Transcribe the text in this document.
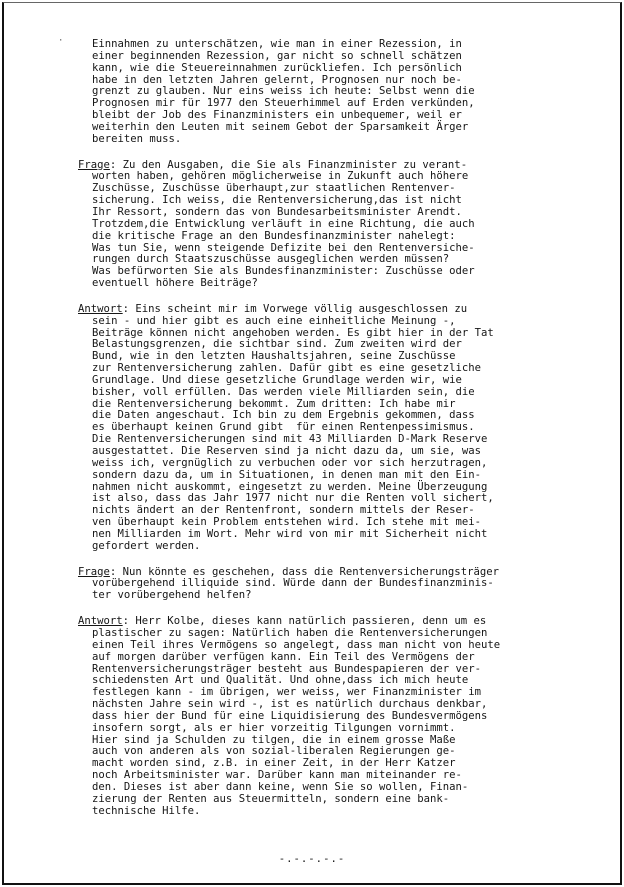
·	Einnahmen zu unterschätzen, wie man in einer Rezession, in
einer beginnenden Rezession, gar nicht so schnell schätzen
kann, wie die Steuereinnahmen zurückliefen. Ich persönlich
habe in den letzten Jahren gelernt, Prognosen nur noch be-
grenzt zu glauben. Nur eins weiss ich heute: Selbst wenn die
Prognosen mir für 1977 den Steuerhimmel auf Erden verkünden,
bleibt der Job des Finanzministers ein unbequemer, weil er
weiterhin den Leuten mit seinem Gebot der Sparsamkeit Ärger
bereiten muss.
Frage: Zu den Ausgaben, die Sie als Finanzminister zu verant-
worten haben, gehören möglicherweise in Zukunft auch höhere
Zuschüsse, Zuschüsse überhaupt,zur staatlichen Rentenver-
sicherung. Ich weiss, die Rentenversicherung,das ist nicht
Ihr Ressort, sondern das von Bundesarbeitsminister Arendt.
Trotzdem,die Entwicklung verläuft in eine Richtung, die auch
die kritische Frage an den Bundesfinanzminister nahelegt:
Was tun Sie, wenn steigende Defizite bei den Rentenversiche-
rungen durch Staatszuschüsse ausgeglichen werden müssen?
Was befürworten Sie als Bundesfinanzminister: Zuschüsse oder
eventuell höhere Beiträge?
Antwort: Eins scheint mir im Vorwege völlig ausgeschlossen zu
sein - und hier gibt es auch eine einheitliche Meinung -,
Beiträge können nicht angehoben werden. Es gibt hier in der Tat
Belastungsgrenzen, die sichtbar sind. Zum zweiten wird der
Bund, wie in den letzten Haushaltsjahren, seine Zuschüsse
zur Rentenversicherung zahlen. Dafür gibt es eine gesetzliche
Grundlage. Und diese gesetzliche Grundlage werden wir, wie
bisher, voll erfüllen. Das werden viele Milliarden sein, die
die Rentenversicherung bekommt. Zum dritten: Ich habe mir
die Daten angeschaut. Ich bin zu dem Ergebnis gekommen, dass
es überhaupt keinen Grund gibt  für einen Rentenpessimismus.
Die Rentenversicherungen sind mit 43 Milliarden D-Mark Reserve
ausgestattet. Die Reserven sind ja nicht dazu da, um sie, was
weiss ich, vergnüglich zu verbuchen oder vor sich herzutragen,
sondern dazu da, um in Situationen, in denen man mit den Ein-
nahmen nicht auskommt, eingesetzt zu werden. Meine Überzeugung
ist also, dass das Jahr 1977 nicht nur die Renten voll sichert,
nichts ändert an der Rentenfront, sondern mittels der Reser-
ven überhaupt kein Problem entstehen wird. Ich stehe mit mei-
nen Milliarden im Wort. Mehr wird von mir mit Sicherheit nicht
gefordert werden.
Frage: Nun könnte es geschehen, dass die Rentenversicherungsträger
vorübergehend illiquide sind. Würde dann der Bundesfinanzminis-
ter vorübergehend helfen?
Antwort: Herr Kolbe, dieses kann natürlich passieren, denn um es
plastischer zu sagen: Natürlich haben die Rentenversicherungen
einen Teil ihres Vermögens so angelegt, dass man nicht von heute
auf morgen darüber verfügen kann. Ein Teil des Vermögens der
Rentenversicherungsträger besteht aus Bundespapieren der ver-
schiedensten Art und Qualität. Und ohne,dass ich mich heute
festlegen kann - im übrigen, wer weiss, wer Finanzminister im
nächsten Jahre sein wird -, ist es natürlich durchaus denkbar,
dass hier der Bund für eine Liquidisierung des Bundesvermögens
insofern sorgt, als er hier vorzeitig Tilgungen vornimmt.
Hier sind ja Schulden zu tilgen, die in einem grosse Maße
auch von anderen als von sozial-liberalen Regierungen ge-
macht worden sind, z.B. in einer Zeit, in der Herr Katzer
noch Arbeitsminister war. Darüber kann man miteinander re-
den. Dieses ist aber dann keine, wenn Sie so wollen, Finan-
zierung der Renten aus Steuermitteln, sondern eine bank-
technische Hilfe.
-.-.-.-.-
